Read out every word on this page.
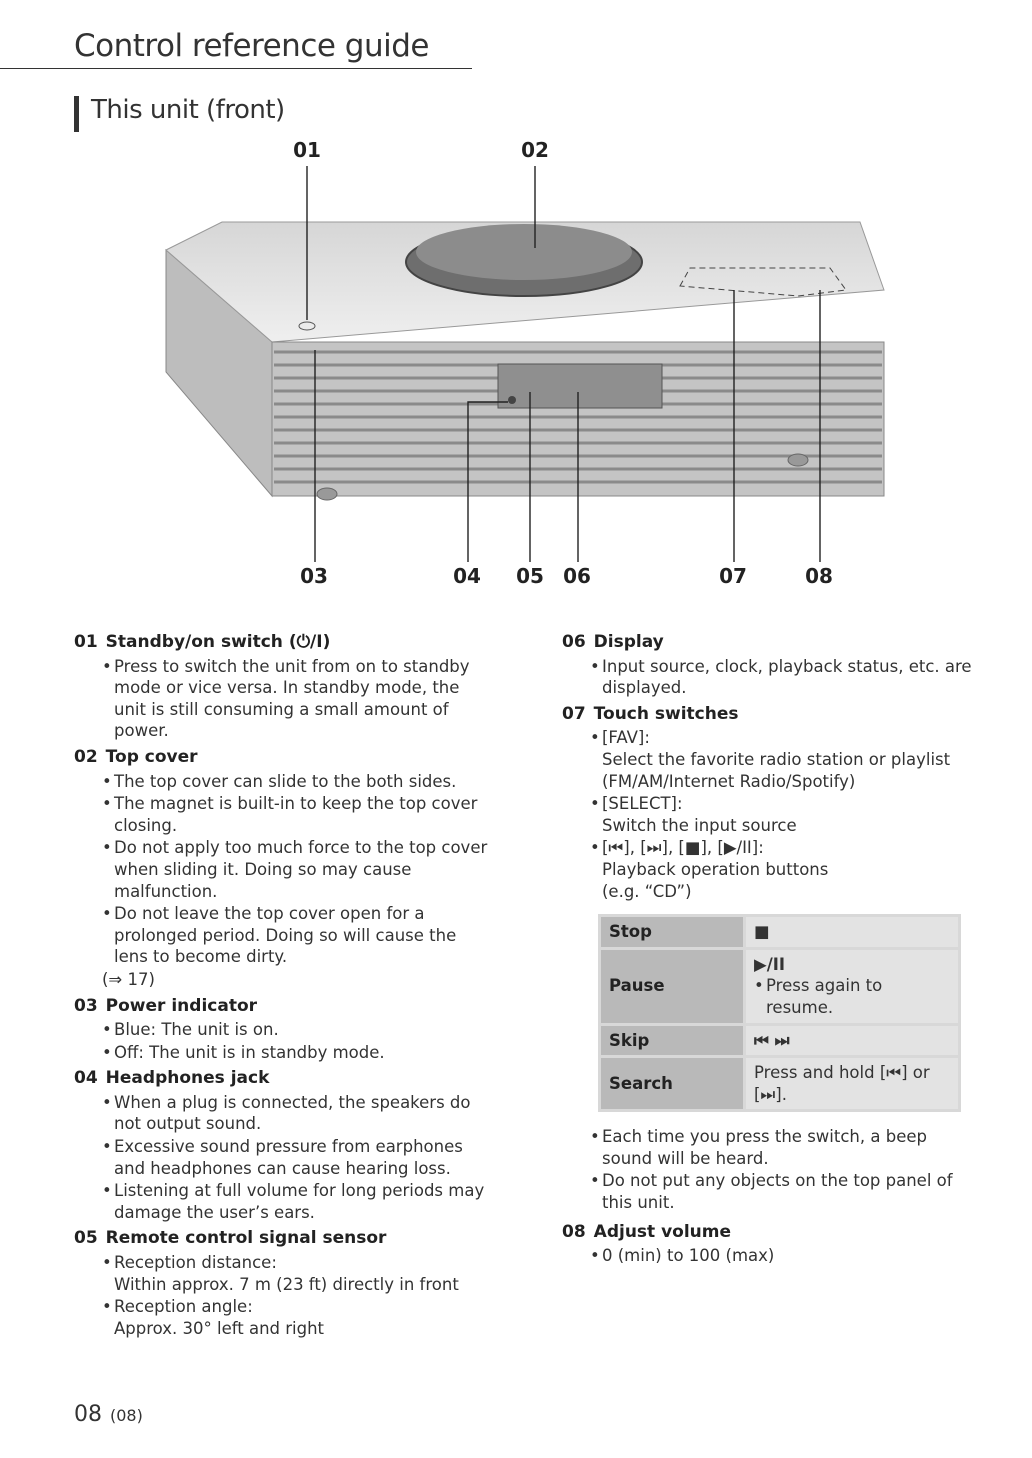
Control reference guide
This unit (front)
01	02
03	04	05 06	07	08
01 Standby/on switch (⏻/I)
• Press to switch the unit from on to standby mode or vice versa. In standby mode, the unit is still consuming a small amount of power.
02 Top cover
• The top cover can slide to the both sides.
• The magnet is built-in to keep the top cover closing.
• Do not apply too much force to the top cover when sliding it. Doing so may cause malfunction.
• Do not leave the top cover open for a prolonged period. Doing so will cause the lens to become dirty.
(⇒ 17)
03 Power indicator
• Blue: The unit is on.
• Off: The unit is in standby mode.
04 Headphones jack
• When a plug is connected, the speakers do not output sound.
• Excessive sound pressure from earphones and headphones can cause hearing loss.
• Listening at full volume for long periods may damage the user’s ears.
05 Remote control signal sensor
• Reception distance:
Within approx. 7 m (23 ft) directly in front
• Reception angle:
Approx. 30° left and right
06 Display
• Input source, clock, playback status, etc. are displayed.
07 Touch switches
• [FAV]:
Select the favorite radio station or playlist (FM/AM/Internet Radio/Spotify)
• [SELECT]:
Switch the input source
• [⏮], [⏭], [■], [▶/II]:
Playback operation buttons
(e.g. “CD”)
Stop	■
Pause	▶/II
• Press again to resume.

Skip	⏮ ⏭
Search	Press and hold [⏮] or [⏭].
• Each time you press the switch, a beep sound will be heard.
• Do not put any objects on the top panel of this unit.
08 Adjust volume
• 0 (min) to 100 (max)
08 (08)
